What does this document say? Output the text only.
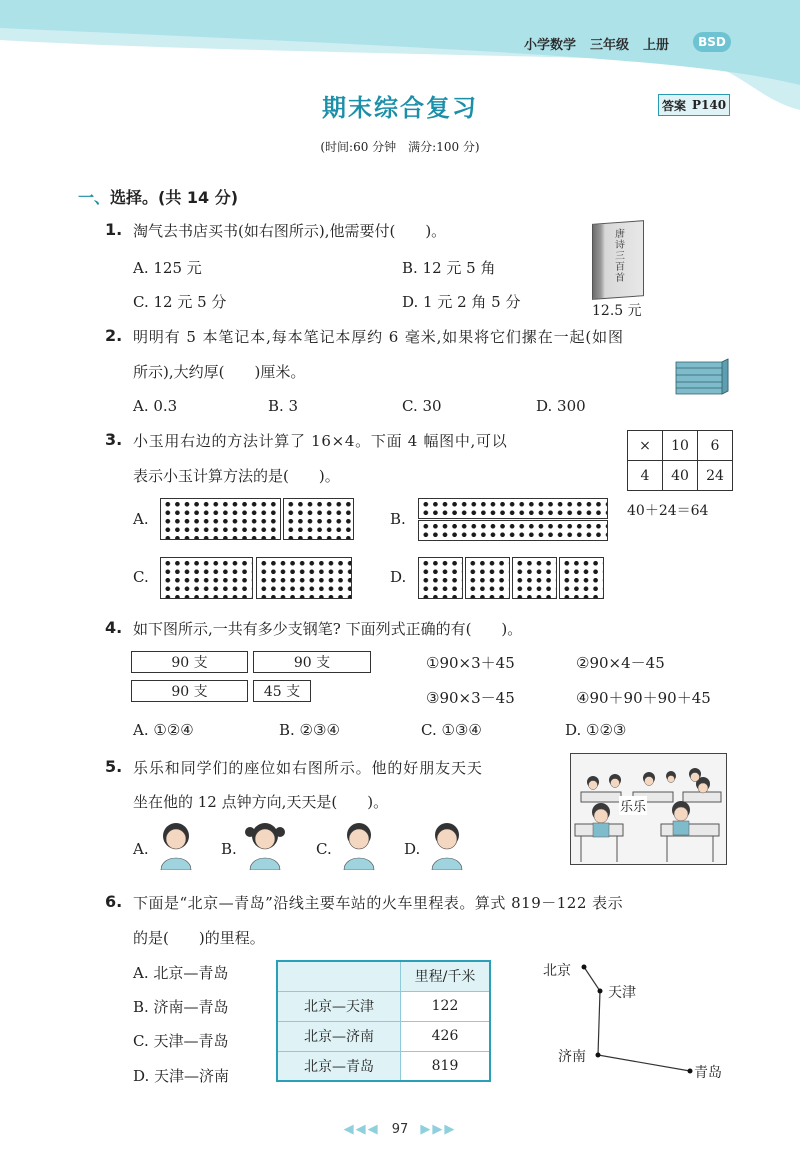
小学数学 三年级 上册	BSD
期末综合复习	答案 P140
(时间:60 分钟　满分:100 分)
一、选择。(共 14 分)
1. 淘气去书店买书(如右图所示),他需要付(　　)。
A. 125 元	B. 12 元 5 角
C. 12 元 5 分	D. 1 元 2 角 5 分
唐诗三百首
12.5 元
2. 明明有 5 本笔记本,每本笔记本厚约 6 毫米,如果将它们摞在一起(如图
所示),大约厚(　　)厘米。
A. 0.3	B. 3	C. 30	D. 300
3. 小玉用右边的方法计算了 16×4。下面 4 幅图中,可以
表示小玉计算方法的是(　　)。
×	10	6
4	40	24
40＋24＝64
A.	B.
C.	D.
4. 如下图所示,一共有多少支钢笔? 下面列式正确的有(　　)。
90 支	90 支
90 支	45 支
①90×3＋45	②90×4－45
③90×3－45	④90＋90＋90＋45
A. ①②④	B. ②③④	C. ①③④	D. ①②③
5. 乐乐和同学们的座位如右图所示。他的好朋友天天
坐在他的 12 点钟方向,天天是(　　)。	乐乐
A.	B.	C.	D.
6. 下面是“北京—青岛”沿线主要车站的火车里程表。算式 819－122 表示
的是(　　)的里程。
A. 北京—青岛
B. 济南—青岛
C. 天津—青岛
D. 天津—济南
	里程/千米
北京—天津	122
北京—济南	426
北京—青岛	819
北京
天津
济南
青岛
◀◀◀ 97 ▶▶▶
